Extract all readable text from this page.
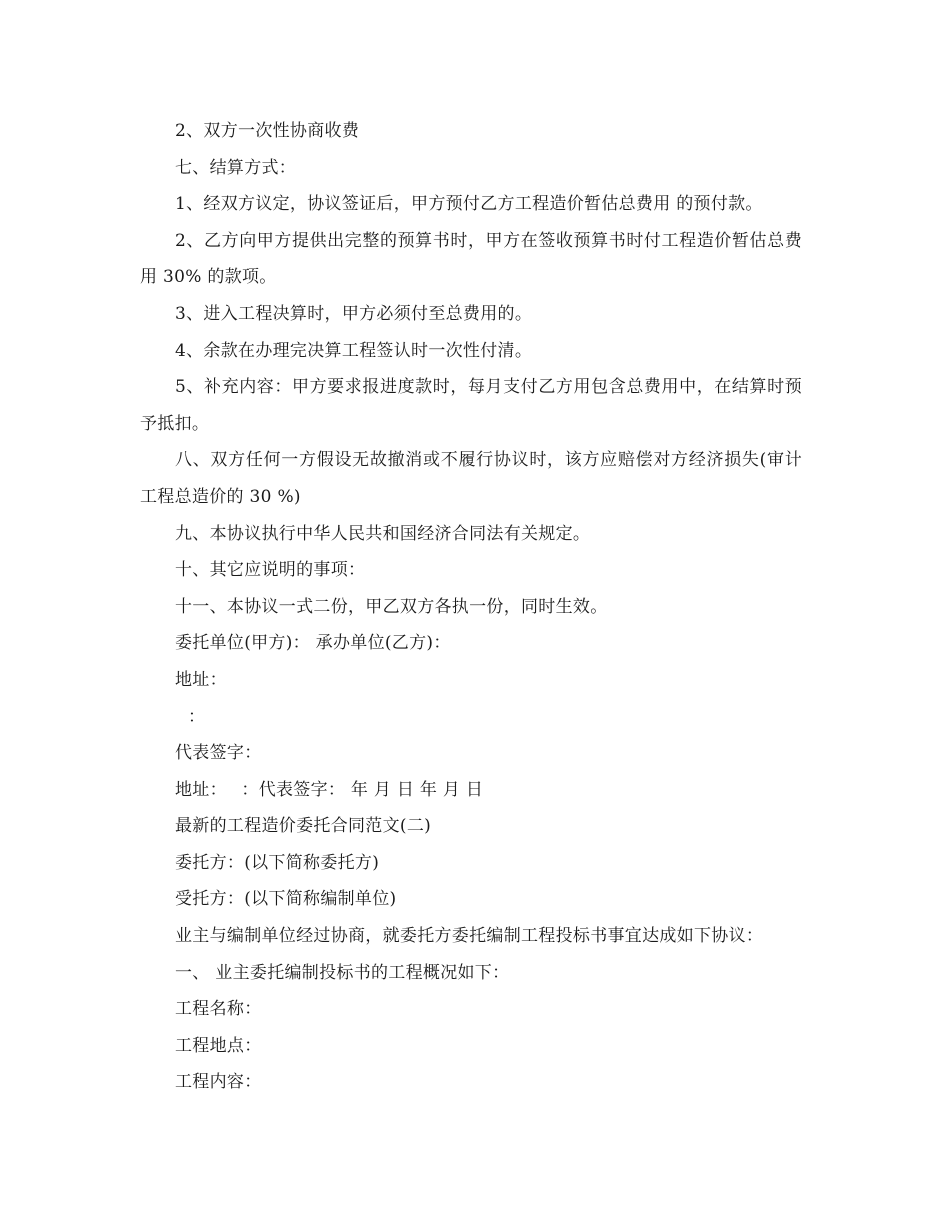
2、双方一次性协商收费
七、结算方式：
1、经双方议定，协议签证后，甲方预付乙方工程造价暂估总费用 的预付款。
2、乙方向甲方提供出完整的预算书时，甲方在签收预算书时付工程造价暂估总费用 30% 的款项。
3、进入工程决算时，甲方必须付至总费用的。
4、余款在办理完决算工程签认时一次性付清。
5、补充内容：甲方要求报进度款时，每月支付乙方用包含总费用中，在结算时预予抵扣。
八、双方任何一方假设无故撤消或不履行协议时，该方应赔偿对方经济损失(审计工程总造价的 30 %)
九、本协议执行中华人民共和国经济合同法有关规定。
十、其它应说明的事项：
十一、本协议一式二份，甲乙双方各执一份，同时生效。
委托单位(甲方)： 承办单位(乙方)：
地址：
：
代表签字：
地址：　 ：代表签字： 年 月 日 年 月 日
最新的工程造价委托合同范文(二)
委托方：(以下简称委托方)
受托方：(以下简称编制单位)
业主与编制单位经过协商，就委托方委托编制工程投标书事宜达成如下协议：
一、 业主委托编制投标书的工程概况如下：
工程名称：
工程地点：
工程内容：
